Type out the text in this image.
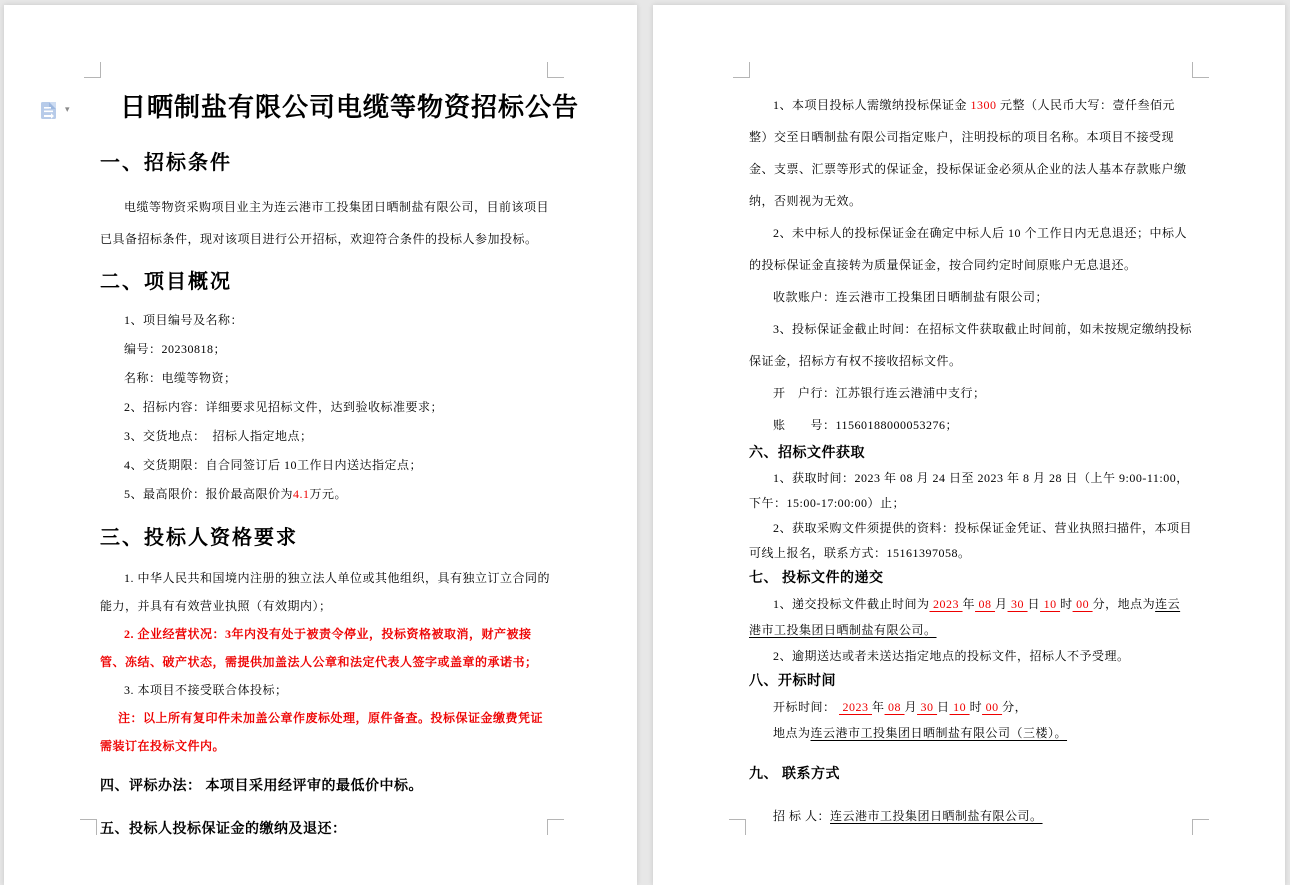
▾ 日晒制盐有限公司电缆等物资招标公告
一、招标条件
电缆等物资采购项目业主为连云港市工投集团日晒制盐有限公司，目前该项目已具备招标条件，现对该项目进行公开招标，欢迎符合条件的投标人参加投标。
二、项目概况
1、项目编号及名称：
编号：20230818；
名称：电缆等物资；
2、招标内容：详细要求见招标文件，达到验收标准要求；
3、交货地点：  招标人指定地点；
4、交货期限：自合同签订后 10工作日内送达指定点；
5、最高限价：报价最高限价为4.1万元。
三、投标人资格要求
1. 中华人民共和国境内注册的独立法人单位或其他组织，具有独立订立合同的能力，并具有有效营业执照（有效期内）；
2. 企业经营状况：3年内没有处于被责令停业，投标资格被取消，财产被接管、冻结、破产状态，需提供加盖法人公章和法定代表人签字或盖章的承诺书；
3. 本项目不接受联合体投标；
注：以上所有复印件未加盖公章作废标处理，原件备查。投标保证金缴费凭证需装订在投标文件内。
四、评标办法： 本项目采用经评审的最低价中标。
五、投标人投标保证金的缴纳及退还：
1、本项目投标人需缴纳投标保证金 1300 元整（人民币大写：壹仟叁佰元整）交至日晒制盐有限公司指定账户，注明投标的项目名称。本项目不接受现金、支票、汇票等形式的保证金，投标保证金必须从企业的法人基本存款账户缴纳，否则视为无效。
2、未中标人的投标保证金在确定中标人后 10 个工作日内无息退还；中标人的投标保证金直接转为质量保证金，按合同约定时间原账户无息退还。
收款账户：连云港市工投集团日晒制盐有限公司；
3、投标保证金截止时间：在招标文件获取截止时间前，如未按规定缴纳投标保证金，招标方有权不接收招标文件。
开　户行：江苏银行连云港浦中支行；
账　　号：11560188000053276；
六、招标文件获取
1、获取时间：2023 年 08 月 24 日至 2023 年 8 月 28 日（上午 9:00-11:00，下午：15:00-17:00:00）止；
2、获取采购文件须提供的资料：投标保证金凭证、营业执照扫描件，本项目可线上报名，联系方式：15161397058。
七、 投标文件的递交
1、递交投标文件截止时间为 2023 年 08 月 30 日 10 时 00 分，地点为连云港市工投集团日晒制盐有限公司。
2、逾期送达或者未送达指定地点的投标文件，招标人不予受理。
八、开标时间
开标时间：  2023 年 08 月 30 日 10 时 00 分，
地点为连云港市工投集团日晒制盐有限公司（三楼）。
九、 联系方式
招 标 人：连云港市工投集团日晒制盐有限公司。
